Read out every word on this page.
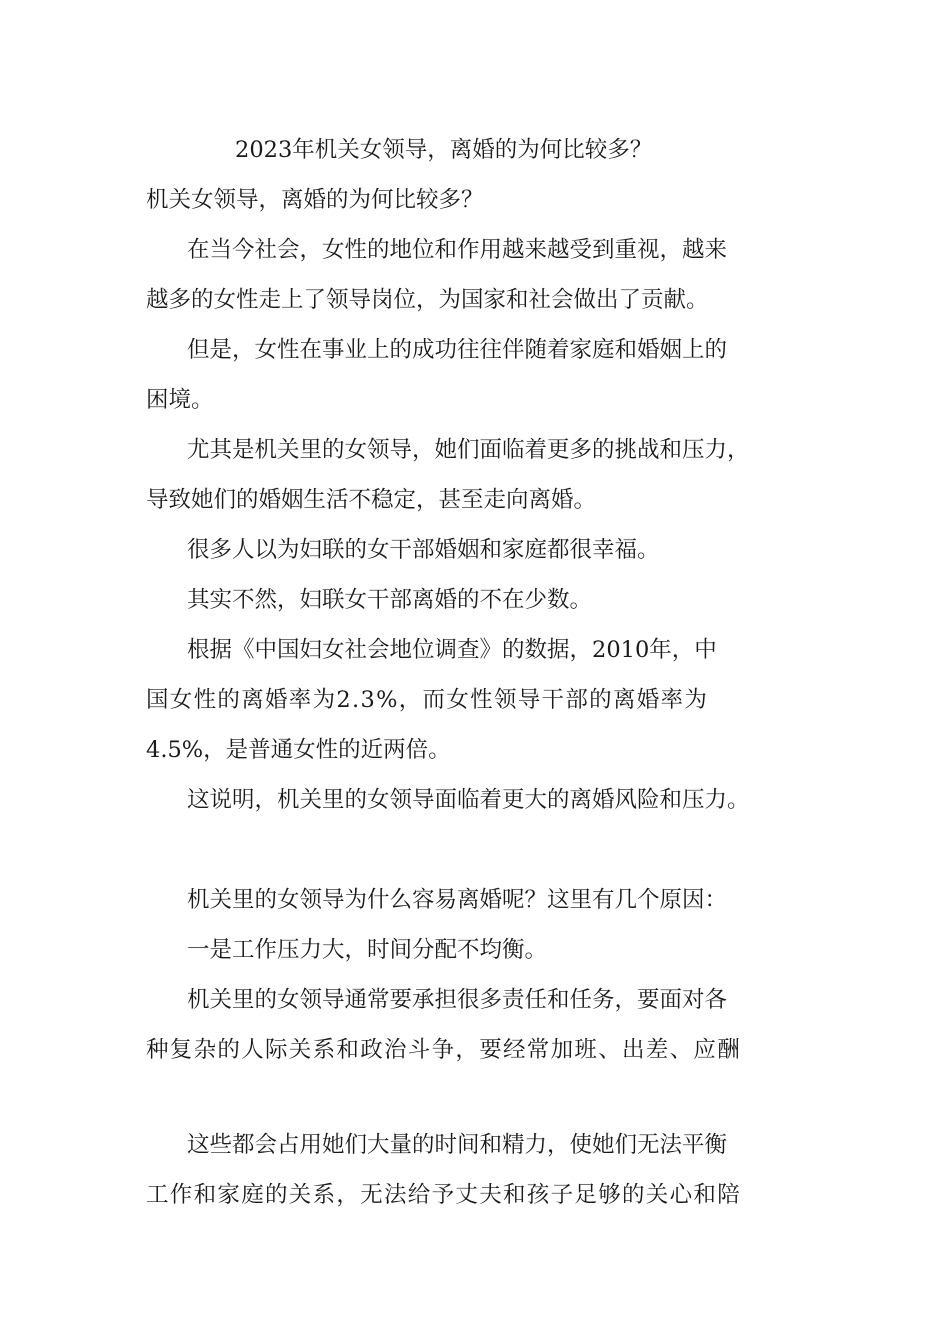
2023年机关女领导，离婚的为何比较多？

机关女领导，离婚的为何比较多？

在当今社会，女性的地位和作用越来越受到重视，越来

越多的女性走上了领导岗位，为国家和社会做出了贡献。

但是，女性在事业上的成功往往伴随着家庭和婚姻上的

困境。

尤其是机关里的女领导，她们面临着更多的挑战和压力，

导致她们的婚姻生活不稳定，甚至走向离婚。

很多人以为妇联的女干部婚姻和家庭都很幸福。

其实不然，妇联女干部离婚的不在少数。

根据《中国妇女社会地位调查》的数据，2010年，中

国女性的离婚率为2.3%，而女性领导干部的离婚率为

4.5%，是普通女性的近两倍。

这说明，机关里的女领导面临着更大的离婚风险和压力。

机关里的女领导为什么容易离婚呢？这里有几个原因：

一是工作压力大，时间分配不均衡。

机关里的女领导通常要承担很多责任和任务，要面对各

种复杂的人际关系和政治斗争，要经常加班、出差、应酬

这些都会占用她们大量的时间和精力，使她们无法平衡

工作和家庭的关系，无法给予丈夫和孩子足够的关心和陪
